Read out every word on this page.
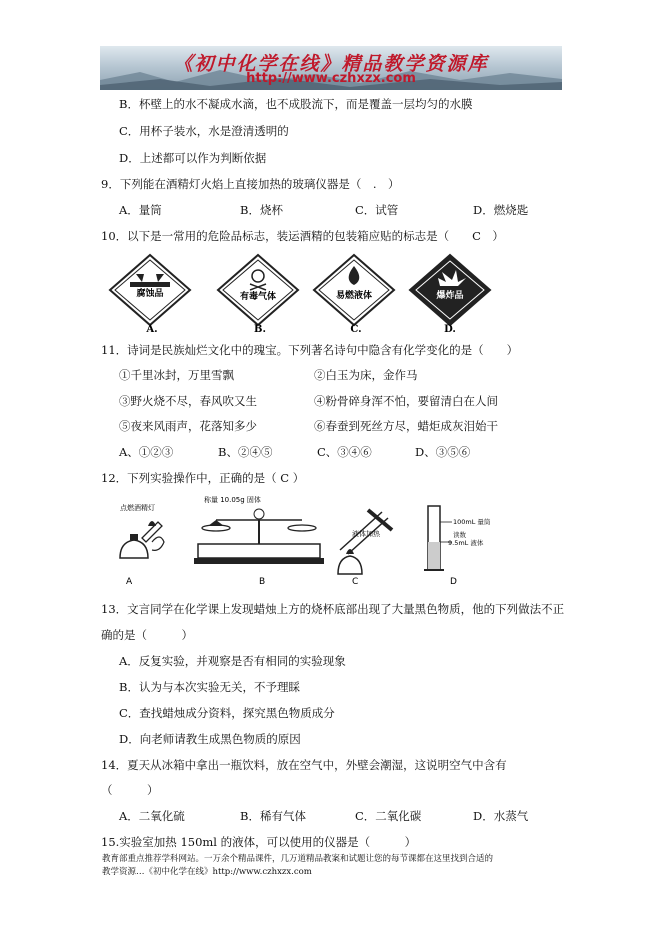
《初中化学在线》精品教学资源库
http://www.czhxzx.com
B．杯壁上的水不凝成水滴，也不成股流下，而是覆盖一层均匀的水膜
C．用杯子装水，水是澄清透明的
D．上述都可以作为判断依据
9．下列能在酒精灯火焰上直接加热的玻璃仪器是（　.　）
A．量筒	B．烧杯	C．试管	D．燃烧匙
10．以下是一常用的危险品标志，装运酒精的包装箱应贴的标志是（　　C　）
腐蚀品
A.
有毒气体
B.
易燃液体
C.
爆炸品
D.
11．诗词是民族灿烂文化中的瑰宝。下列著名诗句中隐含有化学变化的是（　　）
①千里冰封，万里雪飘	②白玉为床，金作马
③野火烧不尽，春风吹又生	④粉骨碎身浑不怕，要留清白在人间
⑤夜来风雨声，花落知多少	⑥春蚕到死丝方尽，蜡炬成灰泪始干
A、①②③	B、②④⑤	C、③④⑥	D、③⑤⑥
12．下列实验操作中，正确的是（ C ）
点燃酒精灯
A
称量 10.05g 固体
B
液体加热
C
100mL 量筒
读数
9.5mL 液体
D
13．文言同学在化学课上发现蜡烛上方的烧杯底部出现了大量黑色物质，他的下列做法不正
确的是（　　　）
A．反复实验，并观察是否有相同的实验现象
B．认为与本次实验无关，不予理睬
C．查找蜡烛成分资料，探究黑色物质成分
D．向老师请教生成黑色物质的原因
14．夏天从冰箱中拿出一瓶饮料，放在空气中，外壁会潮湿，这说明空气中含有
（　　　）
A．二氧化硫	B．稀有气体	C．二氧化碳	D．水蒸气
15.实验室加热 150ml 的液体，可以使用的仪器是（　　　）
教育部重点推荐学科网站。一万余个精品课件，几万道精品教案和试题让您的每节课都在这里找到合适的
教学资源…《初中化学在线》http://www.czhxzx.com
